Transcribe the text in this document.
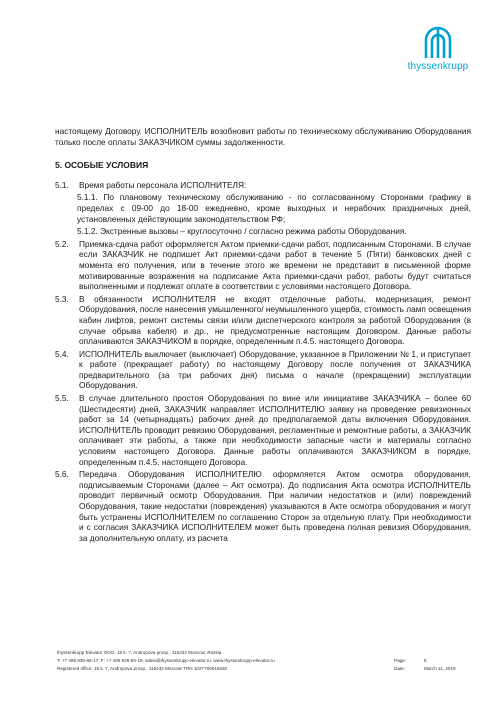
thyssenkrupp

настоящему Договору. ИСПОЛНИТЕЛЬ возобновит работы по техническому обслуживанию Оборудования только после оплаты ЗАКАЗЧИКОМ суммы задолженности.

5. ОСОБЫЕ УСЛОВИЯ
5.1.	Время работы персонала ИСПОЛНИТЕЛЯ:
5.1.1. По плановому техническому обслуживанию - по согласованному Сторонами графику в пределах с 09-00 до 18-00 ежедневно, кроме выходных и нерабочих праздничных дней, установленных действующим законодательством РФ;
5.1.2. Экстренные вызовы – круглосуточно / согласно режима работы Оборудования.
5.2.	Приемка-сдача работ оформляется Актом приемки-сдачи работ, подписанным Сторонами. В случае если ЗАКАЗЧИК не подпишет Акт приемки-сдачи работ в течение 5 (Пяти) банковских дней с момента его получения, или в течение этого же времени не представит в письменной форме мотивированные возражения на подписание Акта приемки-сдачи работ, работы будут считаться выполненными и подлежат оплате в соответствии с условиями настоящего Договора.
5.3.	В обязанности ИСПОЛНИТЕЛЯ не входят отделочные работы, модернизация, ремонт Оборудования, после нанесения умышленного/ неумышленного ущерба, стоимость ламп освещения кабин лифтов, ремонт системы связи и/или диспетчерского контроля за работой Оборудования (в случае обрыва кабеля) и др., не предусмотренные настоящим Договором. Данные работы оплачиваются ЗАКАЗЧИКОМ в порядке, определенным п.4.5. настоящего Договора.
5.4.	ИСПОЛНИТЕЛЬ выключает (выключает) Оборудование, указанное в Приложении № 1, и приступает к работе (прекращает работу) по настоящему Договору после получения от ЗАКАЗЧИКА предварительного (за три рабочих дня) письма о начале (прекращении) эксплуатации Оборудования.
5.5.	В случае длительного простоя Оборудования по вине или инициативе ЗАКАЗЧИКА – более 60 (Шестидесяти) дней, ЗАКАЗЧИК направляет ИСПОЛНИТЕЛЮ заявку на проведение ревизионных работ за 14 (четырнадцать) рабочих дней до предполагаемой даты включения Оборудования. ИСПОЛНИТЕЛЬ проводит ревизию Оборудования, регламентные и ремонтные работы, а ЗАКАЗЧИК оплачивает эти работы, а также при необходимости запасные части и материалы согласно условиям настоящего Договора. Данные работы оплачиваются ЗАКАЗЧИКОМ в порядке, определенным п.4.5. настоящего Договора.
5.6.	Передача Оборудования ИСПОЛНИТЕЛЮ оформляется Актом осмотра оборудования, подписываемым Сторонами (далее – Акт осмотра). До подписания Акта осмотра ИСПОЛНИТЕЛЬ проводит первичный осмотр Оборудования. При наличии недостатков и (или) повреждений Оборудования, такие недостатки (повреждения) указываются в Акте осмотра оборудования и могут быть устранены ИСПОЛНИТЕЛЕМ по соглашению Сторон за отдельную плату. При необходимости и с согласия ЗАКАЗЧИКА ИСПОЛНИТЕЛЕМ может быть проведена полная ревизия Оборудования, за дополнительную оплату, из расчета
thyssenkrupp Elevator OOO, 18 k. 7, Andropova prosp., 115432 Moscow, Russia
T: +7 495 935-85-17, F: +7 495 935-85-19, sales@thyssenkrupp-elevator.ru, www.thyssenkrupp-elevator.ru	Page:	6
Registered office: 18 k. 7, Andropova prosp., 115432 Moscow TRN 1027700016830	Date:	March 11, 2019
